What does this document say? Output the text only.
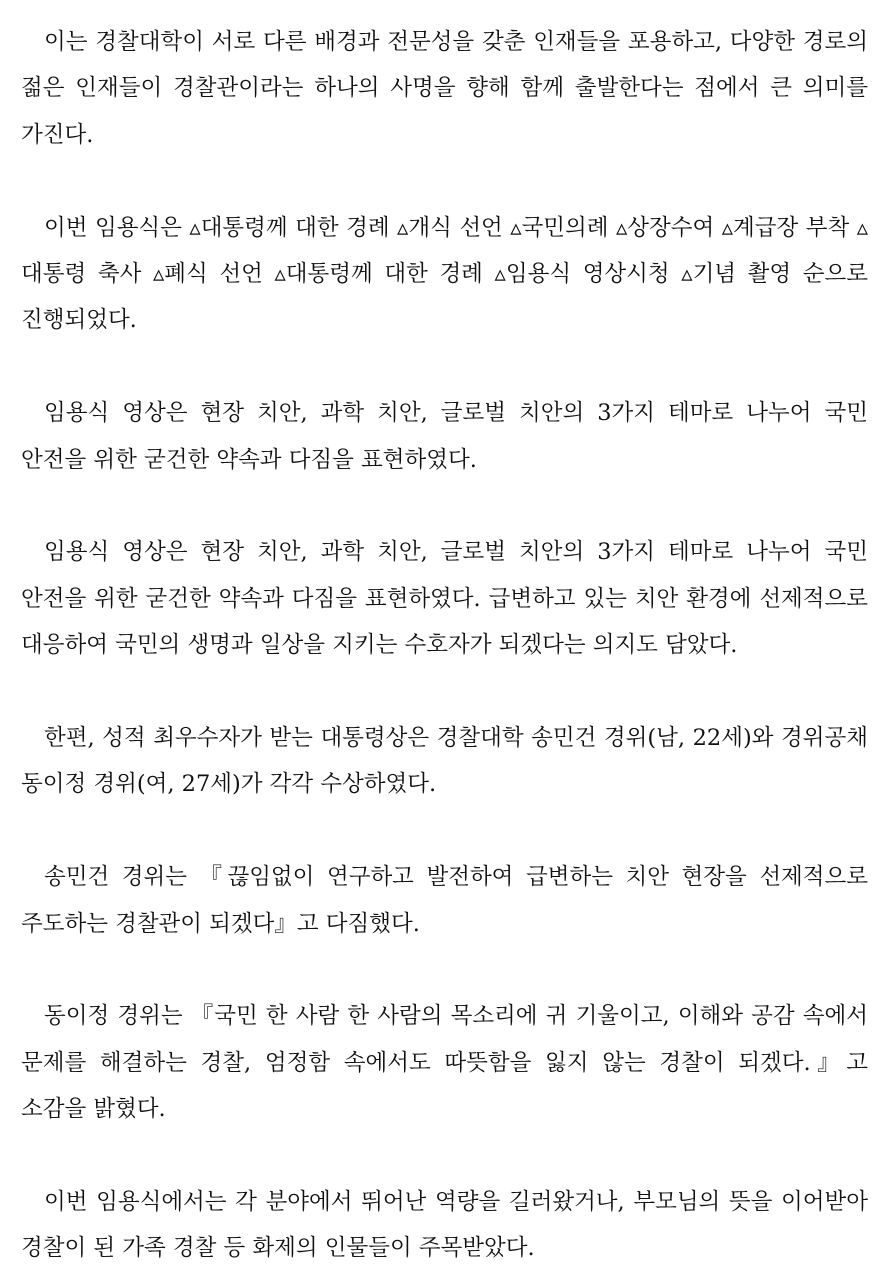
이는 경찰대학이 서로 다른 배경과 전문성을 갖춘 인재들을 포용하고, 다양한 경로의 젊은 인재들이 경찰관이라는 하나의 사명을 향해 함께 출발한다는 점에서 큰 의미를 가진다.

이번 임용식은 ▵대통령께 대한 경례 ▵개식 선언 ▵국민의례 ▵상장수여 ▵계급장 부착 ▵대통령 축사 ▵폐식 선언 ▵대통령께 대한 경례 ▵임용식 영상시청 ▵기념 촬영 순으로 진행되었다.

임용식 영상은 현장 치안, 과학 치안, 글로벌 치안의 3가지 테마로 나누어 국민 안전을 위한 굳건한 약속과 다짐을 표현하였다.

임용식 영상은 현장 치안, 과학 치안, 글로벌 치안의 3가지 테마로 나누어 국민 안전을 위한 굳건한 약속과 다짐을 표현하였다. 급변하고 있는 치안 환경에 선제적으로 대응하여 국민의 생명과 일상을 지키는 수호자가 되겠다는 의지도 담았다.

한편, 성적 최우수자가 받는 대통령상은 경찰대학 송민건 경위(남, 22세)와 경위공채 동이정 경위(여, 27세)가 각각 수상하였다.

송민건 경위는 『끊임없이 연구하고 발전하여 급변하는 치안 현장을 선제적으로 주도하는 경찰관이 되겠다』고 다짐했다.

동이정 경위는 『국민 한 사람 한 사람의 목소리에 귀 기울이고, 이해와 공감 속에서 문제를 해결하는 경찰, 엄정함 속에서도 따뜻함을 잃지 않는 경찰이 되겠다.』고 소감을 밝혔다.

이번 임용식에서는 각 분야에서 뛰어난 역량을 길러왔거나, 부모님의 뜻을 이어받아 경찰이 된 가족 경찰 등 화제의 인물들이 주목받았다.
